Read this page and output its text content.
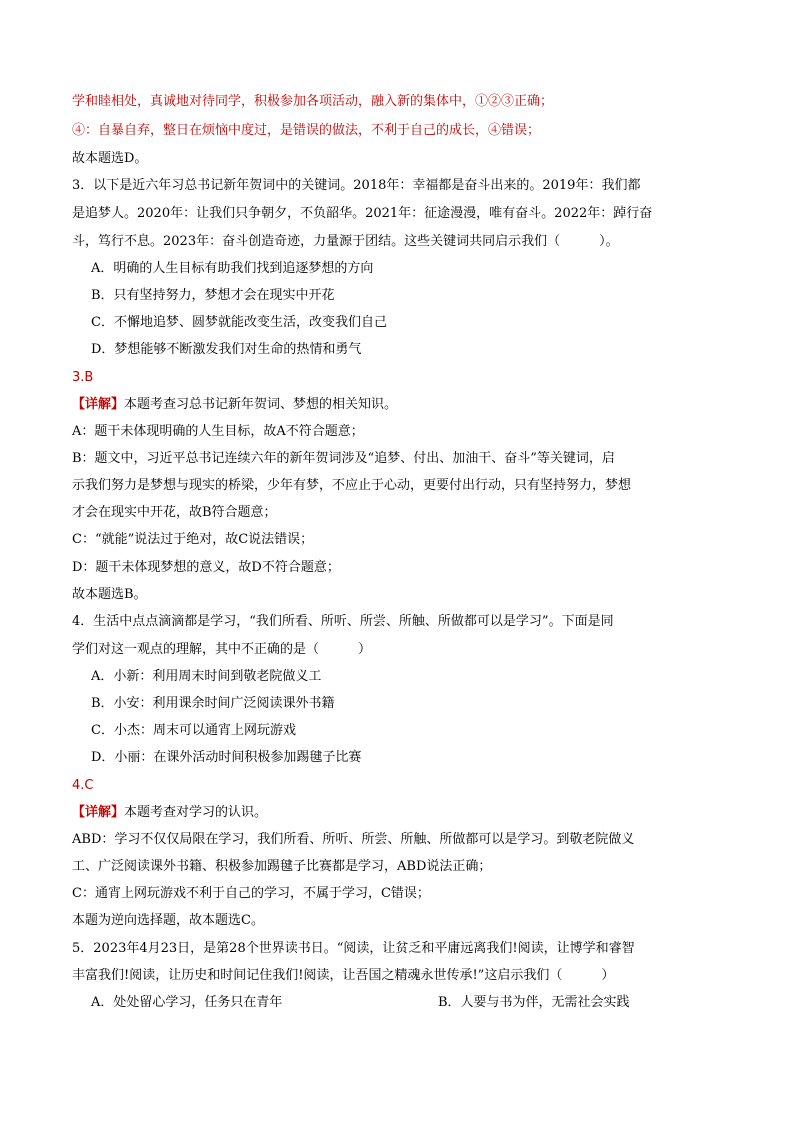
学和睦相处，真诚地对待同学，积极参加各项活动，融入新的集体中，①②③正确；
④：自暴自弃，整日在烦恼中度过，是错误的做法，不利于自己的成长，④错误；
故本题选D。
3．以下是近六年习总书记新年贺词中的关键词。2018年：幸福都是奋斗出来的。2019年：我们都
是追梦人。2020年：让我们只争朝夕，不负韶华。2021年：征途漫漫，唯有奋斗。2022年：踔行奋
斗，笃行不息。2023年：奋斗创造奇迹，力量源于团结。这些关键词共同启示我们（　　　）。
A．明确的人生目标有助我们找到追逐梦想的方向
B．只有坚持努力，梦想才会在现实中开花
C．不懈地追梦、圆梦就能改变生活，改变我们自己
D．梦想能够不断激发我们对生命的热情和勇气
3.B
【详解】本题考查习总书记新年贺词、梦想的相关知识。
A：题干未体现明确的人生目标，故A不符合题意；
B：题文中，习近平总书记连续六年的新年贺词涉及“追梦、付出、加油干、奋斗”等关键词，启
示我们努力是梦想与现实的桥梁，少年有梦，不应止于心动，更要付出行动，只有坚持努力，梦想
才会在现实中开花，故B符合题意；
C：“就能”说法过于绝对，故C说法错误；
D：题干未体现梦想的意义，故D不符合题意；
故本题选B。
4．生活中点点滴滴都是学习，“我们所看、所听、所尝、所触、所做都可以是学习”。下面是同
学们对这一观点的理解，其中不正确的是（　　　）
A．小新：利用周末时间到敬老院做义工
B．小安：利用课余时间广泛阅读课外书籍
C．小杰：周末可以通宵上网玩游戏
D．小丽：在课外活动时间积极参加踢毽子比赛
4.C
【详解】本题考查对学习的认识。
ABD：学习不仅仅局限在学习，我们所看、所听、所尝、所触、所做都可以是学习。到敬老院做义
工、广泛阅读课外书籍、积极参加踢毽子比赛都是学习，ABD说法正确；
C：通宵上网玩游戏不利于自己的学习，不属于学习，C错误；
本题为逆向选择题，故本题选C。
5．2023年4月23日，是第28个世界读书日。“阅读，让贫乏和平庸远离我们!阅读，让博学和睿智
丰富我们!阅读，让历史和时间记住我们!阅读，让吾国之精魂永世传承!”这启示我们（　　　）
A．处处留心学习，任务只在青年	B．人要与书为伴，无需社会实践
